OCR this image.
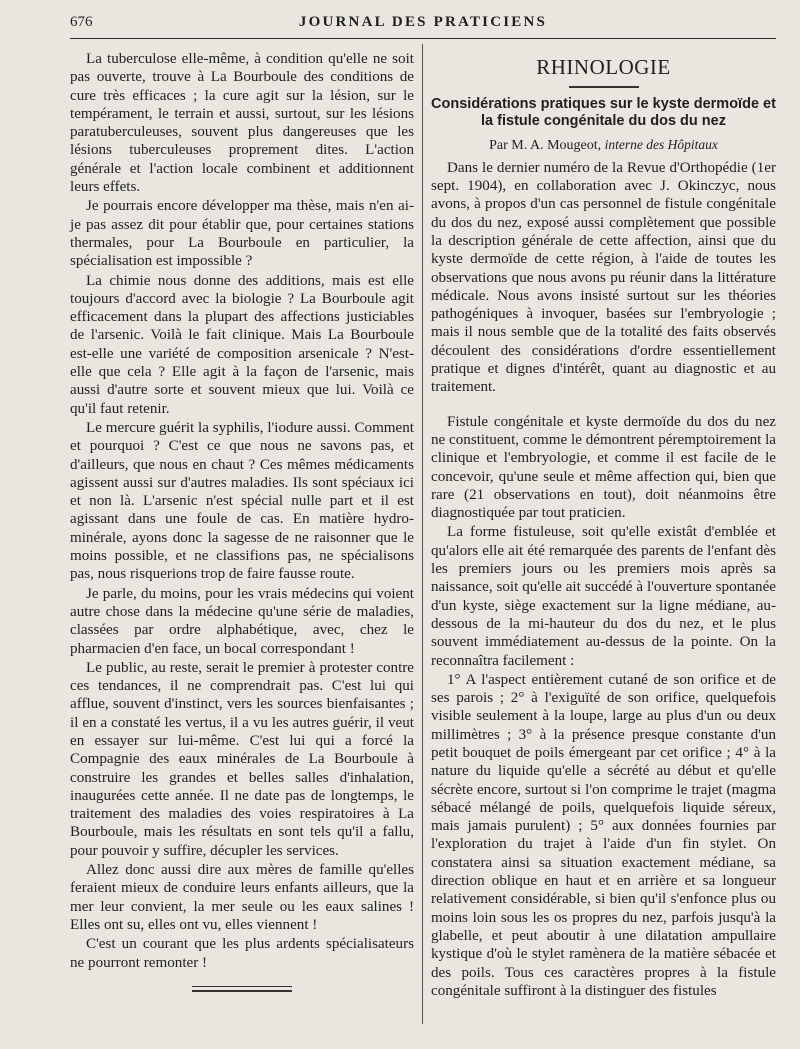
676	JOURNAL DES PRATICIENS

La tuberculose elle-même, à condition qu'elle ne soit pas ouverte, trouve à La Bourboule des conditions de cure très efficaces ; la cure agit sur la lésion, sur le tempérament, le terrain et aussi, surtout, sur les lésions paratuberculeuses, souvent plus dangereuses que les lésions tuberculeuses proprement dites. L'action générale et l'action locale combinent et additionnent leurs effets.

Je pourrais encore développer ma thèse, mais n'en ai-je pas assez dit pour établir que, pour certaines stations thermales, pour La Bourboule en particulier, la spécialisation est impossible ?

La chimie nous donne des additions, mais est elle toujours d'accord avec la biologie ? La Bourboule agit efficacement dans la plupart des affections justiciables de l'arsenic. Voilà le fait clinique. Mais La Bourboule est-elle une variété de composition arsenicale ? N'est-elle que cela ? Elle agit à la façon de l'arsenic, mais aussi d'autre sorte et souvent mieux que lui. Voilà ce qu'il faut retenir.

Le mercure guérit la syphilis, l'iodure aussi. Comment et pourquoi ? C'est ce que nous ne savons pas, et d'ailleurs, que nous en chaut ? Ces mêmes médicaments agissent aussi sur d'autres maladies. Ils sont spéciaux ici et non là. L'arsenic n'est spécial nulle part et il est agissant dans une foule de cas. En matière hydro-minérale, ayons donc la sagesse de ne raisonner que le moins possible, et ne classifions pas, ne spécialisons pas, nous risquerions trop de faire fausse route.

Je parle, du moins, pour les vrais médecins qui voient autre chose dans la médecine qu'une série de maladies, classées par ordre alphabétique, avec, chez le pharmacien d'en face, un bocal correspondant !

Le public, au reste, serait le premier à protester contre ces tendances, il ne comprendrait pas. C'est lui qui afflue, souvent d'instinct, vers les sources bienfaisantes ; il en a constaté les vertus, il a vu les autres guérir, il veut en essayer sur lui-même. C'est lui qui a forcé la Compagnie des eaux minérales de La Bourboule à construire les grandes et belles salles d'inhalation, inaugurées cette année. Il ne date pas de longtemps, le traitement des maladies des voies respiratoires à La Bourboule, mais les résultats en sont tels qu'il a fallu, pour pouvoir y suffire, décupler les services.

Allez donc aussi dire aux mères de famille qu'elles feraient mieux de conduire leurs enfants ailleurs, que la mer leur convient, la mer seule ou les eaux salines ! Elles ont su, elles ont vu, elles viennent !

C'est un courant que les plus ardents spécialisateurs ne pourront remonter !

RHINOLOGIE
Considérations pratiques sur le kyste dermoïde et la fistule congénitale du dos du nez
Par M. A. Mougeot, interne des Hôpitaux

Dans le dernier numéro de la Revue d'Orthopédie (1er sept. 1904), en collaboration avec J. Okinczyc, nous avons, à propos d'un cas personnel de fistule congénitale du dos du nez, exposé aussi complètement que possible la description générale de cette affection, ainsi que du kyste dermoïde de cette région, à l'aide de toutes les observations que nous avons pu réunir dans la littérature médicale. Nous avons insisté surtout sur les théories pathogéniques à invoquer, basées sur l'embryologie ; mais il nous semble que de la totalité des faits observés découlent des considérations d'ordre essentiellement pratique et dignes d'intérêt, quant au diagnostic et au traitement.

Fistule congénitale et kyste dermoïde du dos du nez ne constituent, comme le démontrent péremptoirement la clinique et l'embryologie, et comme il est facile de le concevoir, qu'une seule et même affection qui, bien que rare (21 observations en tout), doit néanmoins être diagnostiquée par tout praticien.

La forme fistuleuse, soit qu'elle existât d'emblée et qu'alors elle ait été remarquée des parents de l'enfant dès les premiers jours ou les premiers mois après sa naissance, soit qu'elle ait succédé à l'ouverture spontanée d'un kyste, siège exactement sur la ligne médiane, au-dessous de la mi-hauteur du dos du nez, et le plus souvent immédiatement au-dessus de la pointe. On la reconnaîtra facilement :

1° A l'aspect entièrement cutané de son orifice et de ses parois ; 2° à l'exiguïté de son orifice, quelquefois visible seulement à la loupe, large au plus d'un ou deux millimètres ; 3° à la présence presque constante d'un petit bouquet de poils émergeant par cet orifice ; 4° à la nature du liquide qu'elle a sécrété au début et qu'elle sécrète encore, surtout si l'on comprime le trajet (magma sébacé mélangé de poils, quelquefois liquide séreux, mais jamais purulent) ; 5° aux données fournies par l'exploration du trajet à l'aide d'un fin stylet. On constatera ainsi sa situation exactement médiane, sa direction oblique en haut et en arrière et sa longueur relativement considérable, si bien qu'il s'enfonce plus ou moins loin sous les os propres du nez, parfois jusqu'à la glabelle, et peut aboutir à une dilatation ampullaire kystique d'où le stylet ramènera de la matière sébacée et des poils. Tous ces caractères propres à la fistule congénitale suffiront à la distinguer des fistules
